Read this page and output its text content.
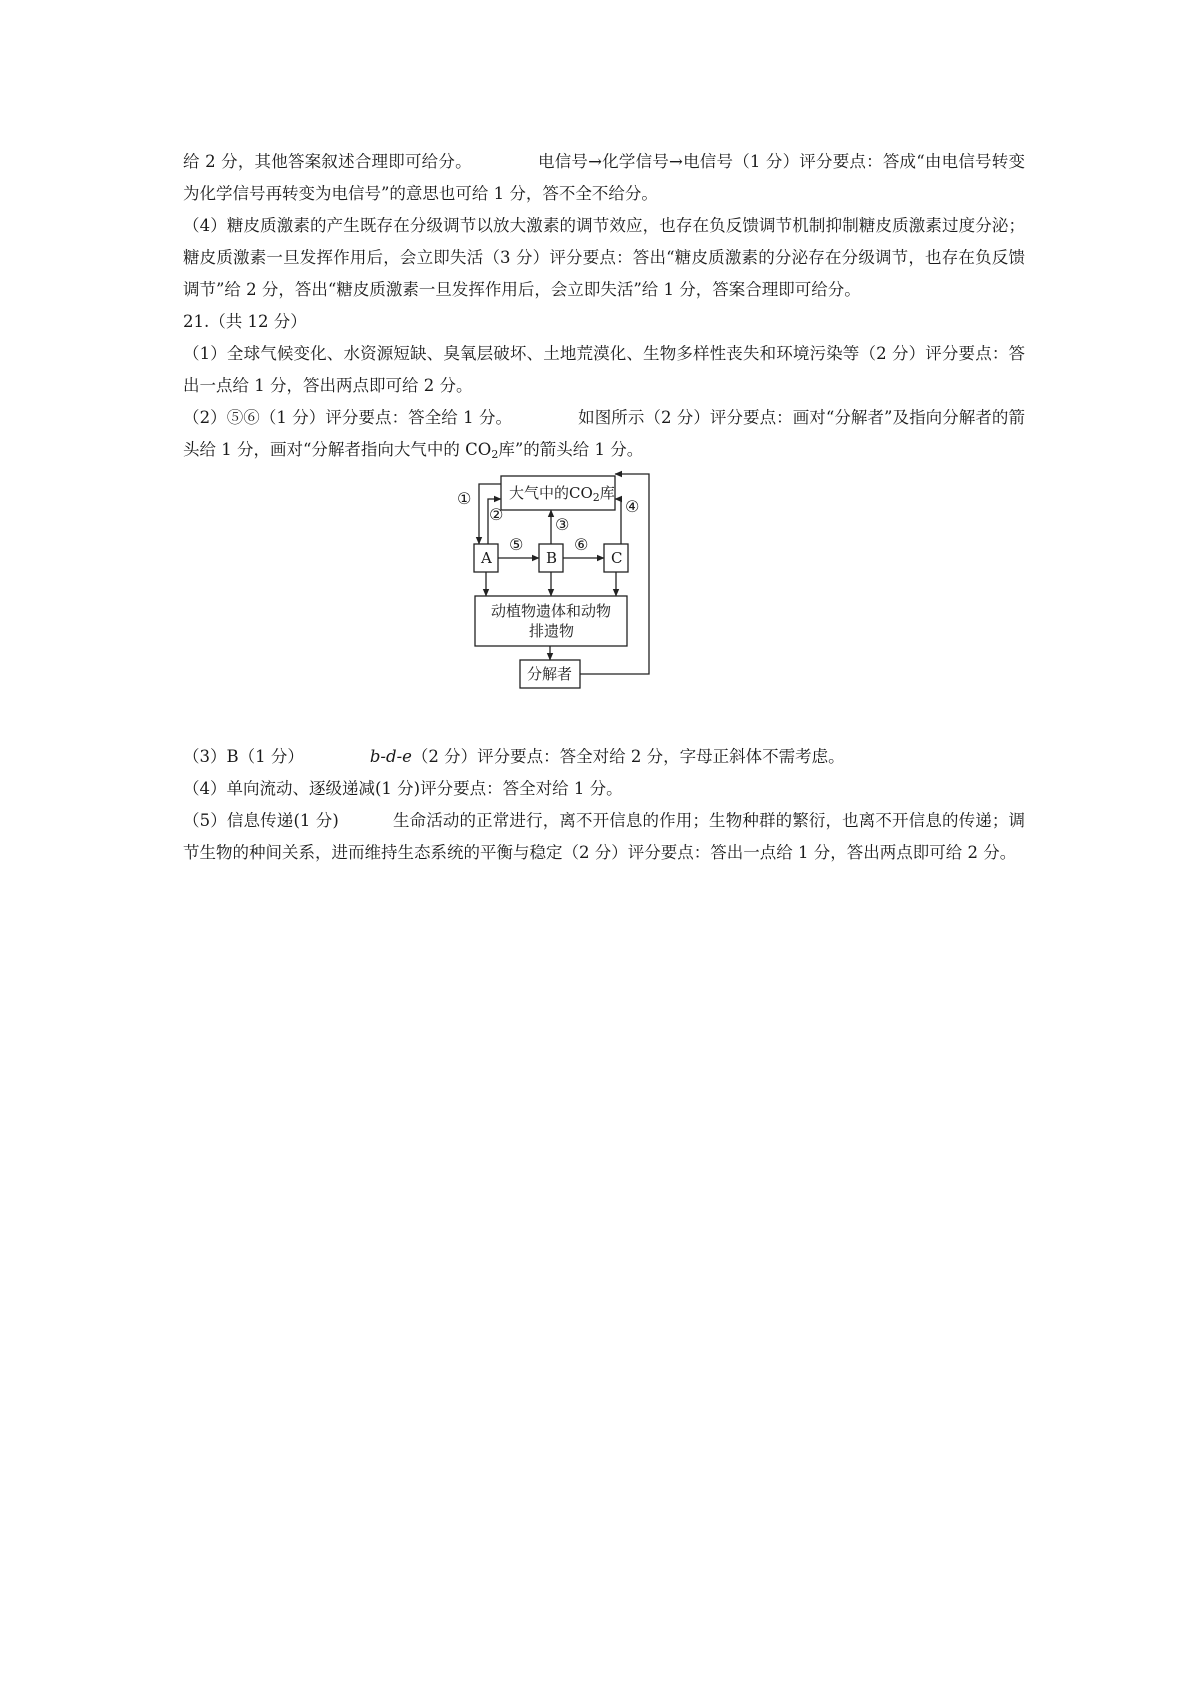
给 2 分，其他答案叙述合理即可给分。	电信号→化学信号→电信号（1 分）评分要点：答成“由电信号转变为化学信号再转变为电信号”的意思也可给 1 分，答不全不给分。

（4）糖皮质激素的产生既存在分级调节以放大激素的调节效应，也存在负反馈调节机制抑制糖皮质激素过度分泌；糖皮质激素一旦发挥作用后，会立即失活（3 分）评分要点：答出“糖皮质激素的分泌存在分级调节，也存在负反馈调节”给 2 分，答出“糖皮质激素一旦发挥作用后，会立即失活”给 1 分，答案合理即可给分。

21.（共 12 分）

（1）全球气候变化、水资源短缺、臭氧层破坏、土地荒漠化、生物多样性丧失和环境污染等（2 分）评分要点：答出一点给 1 分，答出两点即可给 2 分。

（2）⑤⑥（1 分）评分要点：答全给 1 分。	如图所示（2 分）评分要点：画对“分解者”及指向分解者的箭头给 1 分，画对“分解者指向大气中的 $CO_2$库”的箭头给 1 分。

大气中的$CO_2$库
A	B	C
动植物遗体和动物
排遗物
分解者
①
②
③
④
⑤	⑥

（3）B（1 分）	b-d-e（2 分）评分要点：答全对给 2 分，字母正斜体不需考虑。

（4）单向流动、逐级递减(1 分)评分要点：答全对给 1 分。

（5）信息传递(1 分)	生命活动的正常进行，离不开信息的作用；生物种群的繁衍，也离不开信息的传递；调节生物的种间关系，进而维持生态系统的平衡与稳定（2 分）评分要点：答出一点给 1 分，答出两点即可给 2 分。
